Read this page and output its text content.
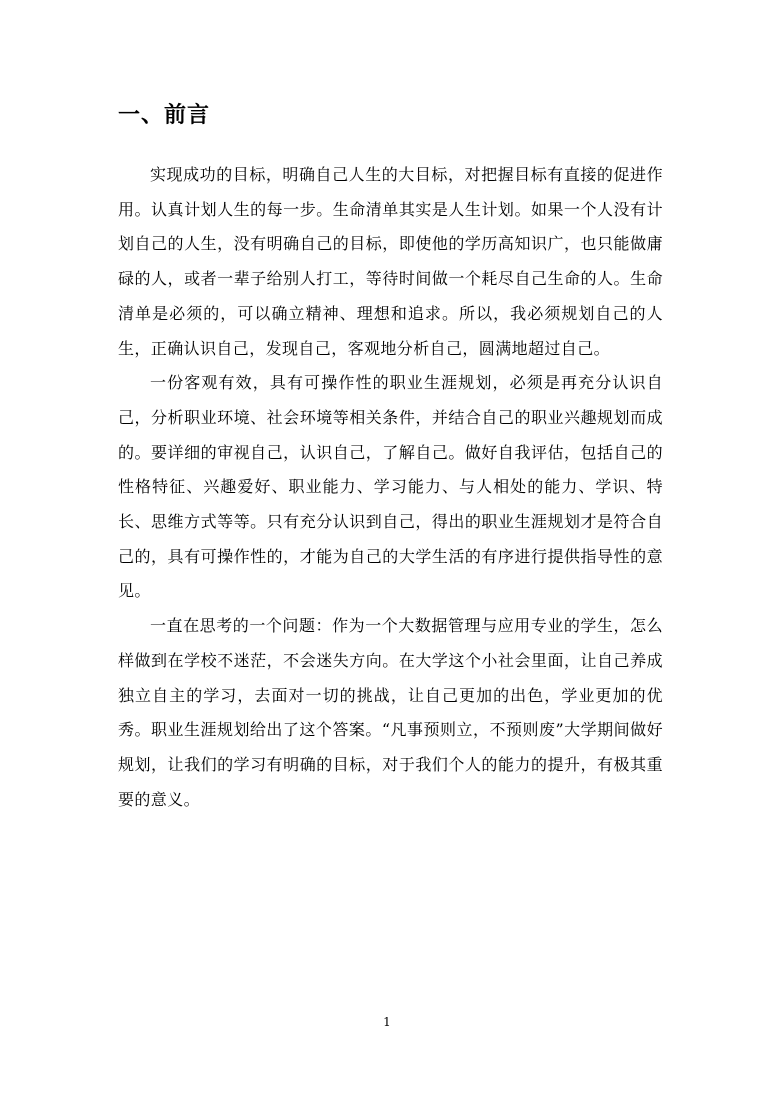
一、前言

实现成功的目标，明确自己人生的大目标，对把握目标有直接的促进作用。认真计划人生的每一步。生命清单其实是人生计划。如果一个人没有计划自己的人生，没有明确自己的目标，即使他的学历高知识广，也只能做庸碌的人，或者一辈子给别人打工，等待时间做一个耗尽自己生命的人。生命清单是必须的，可以确立精神、理想和追求。所以，我必须规划自己的人生，正确认识自己，发现自己，客观地分析自己，圆满地超过自己。

一份客观有效，具有可操作性的职业生涯规划，必须是再充分认识自己，分析职业环境、社会环境等相关条件，并结合自己的职业兴趣规划而成的。要详细的审视自己，认识自己，了解自己。做好自我评估，包括自己的性格特征、兴趣爱好、职业能力、学习能力、与人相处的能力、学识、特长、思维方式等等。只有充分认识到自己，得出的职业生涯规划才是符合自己的，具有可操作性的，才能为自己的大学生活的有序进行提供指导性的意见。

一直在思考的一个问题：作为一个大数据管理与应用专业的学生，怎么样做到在学校不迷茫，不会迷失方向。在大学这个小社会里面，让自己养成独立自主的学习，去面对一切的挑战，让自己更加的出色，学业更加的优秀。职业生涯规划给出了这个答案。“凡事预则立，不预则废”大学期间做好规划，让我们的学习有明确的目标，对于我们个人的能力的提升，有极其重要的意义。

1
